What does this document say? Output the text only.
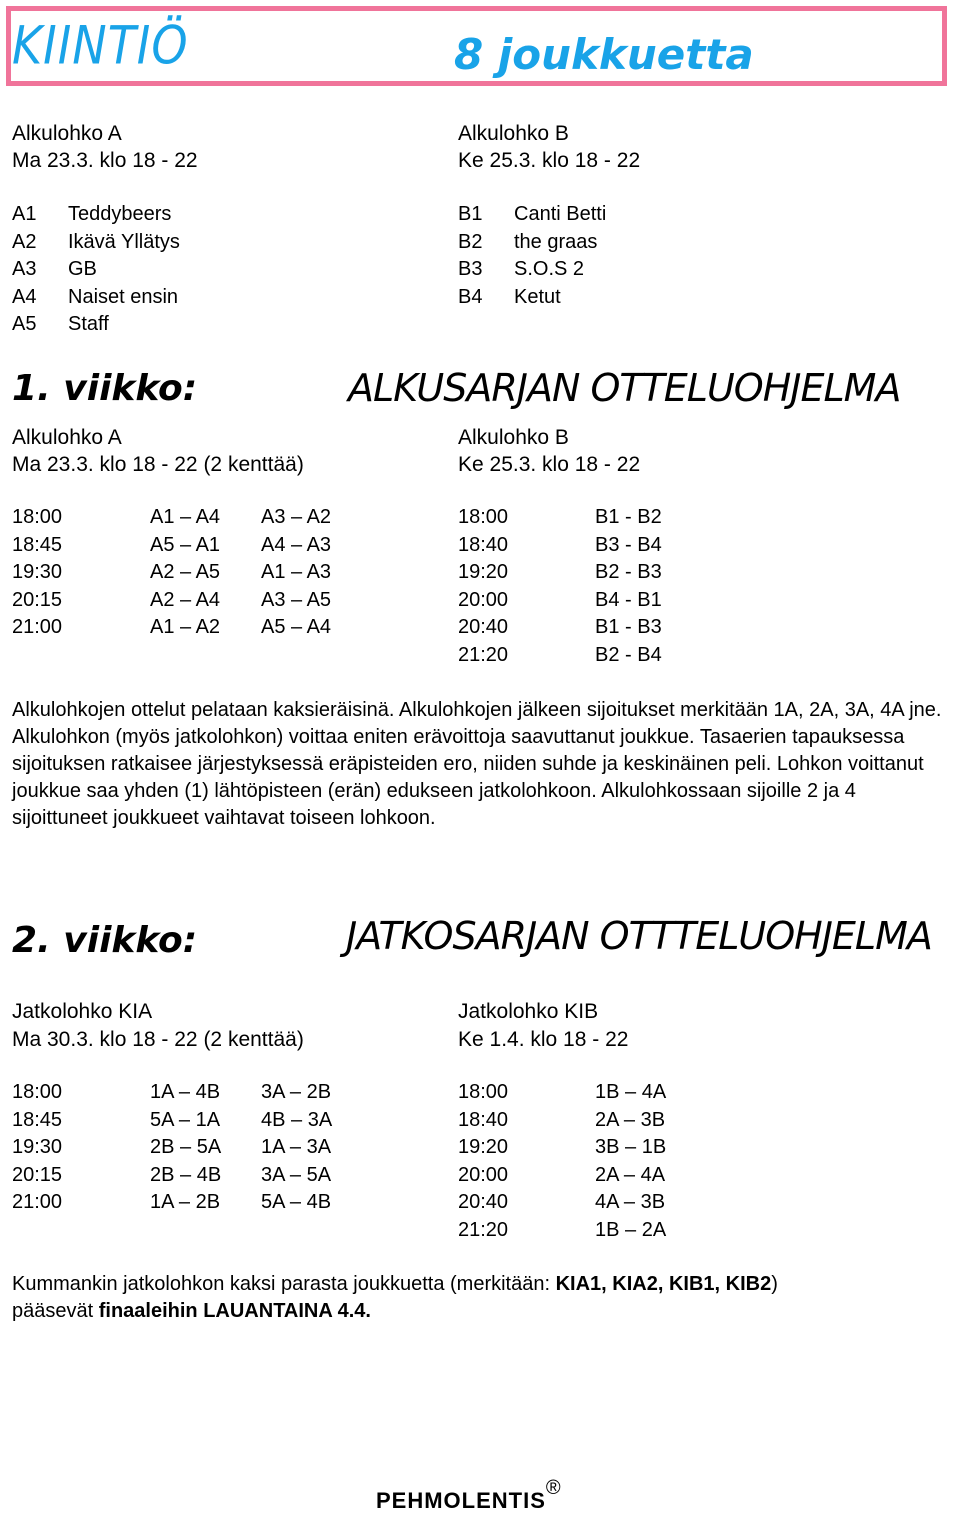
KIINTIÖ	8 joukkuetta
Alkulohko A
Ma 23.3. klo 18 - 22
Alkulohko B
Ke 25.3. klo 18 - 22
A1 Teddybeers
A2 Ikävä Yllätys
A3 GB
A4 Naiset ensin
A5 Staff
B1 Canti Betti
B2 the graas
B3 S.O.S 2
B4 Ketut
1. viikko:	ALKUSARJAN OTTELUOHJELMA
Alkulohko A
Ma 23.3. klo 18 - 22 (2 kenttää)
Alkulohko B
Ke 25.3. klo 18 - 22
18:00	A1 – A4 A3 – A2
18:45	A5 – A1 A4 – A3
19:30	A2 – A5 A1 – A3
20:15	A2 – A4 A3 – A5
21:00	A1 – A2 A5 – A4
18:00	B1 - B2
18:40	B3 - B4
19:20	B2 - B3
20:00	B4 - B1
20:40	B1 - B3
21:20	B2 - B4
Alkulohkojen ottelut pelataan kaksieräisinä. Alkulohkojen jälkeen sijoitukset merkitään 1A, 2A, 3A, 4A jne. Alkulohkon (myös jatkolohkon) voittaa eniten erävoittoja saavuttanut joukkue. Tasaerien tapauksessa sijoituksen ratkaisee järjestyksessä eräpisteiden ero, niiden suhde ja keskinäinen peli. Lohkon voittanut joukkue saa yhden (1) lähtöpisteen (erän) edukseen jatkolohkoon. Alkulohkossaan sijoille 2 ja 4 sijoittuneet joukkueet vaihtavat toiseen lohkoon.
2. viikko:	JATKOSARJAN OTTTELUOHJELMA
Jatkolohko KIA
Ma 30.3. klo 18 - 22 (2 kenttää)
Jatkolohko KIB
Ke 1.4. klo 18 - 22
18:00	1A – 4B 3A – 2B
18:45	5A – 1A 4B – 3A
19:30	2B – 5A 1A – 3A
20:15	2B – 4B 3A – 5A
21:00	1A – 2B 5A – 4B
18:00	1B – 4A
18:40	2A – 3B
19:20	3B – 1B
20:00	2A – 4A
20:40	4A – 3B
21:20	1B – 2A
Kummankin jatkolohkon kaksi parasta joukkuetta (merkitään: KIA1, KIA2, KIB1, KIB2)
pääsevät finaaleihin LAUANTAINA 4.4.
PEHMOLENTIS®
